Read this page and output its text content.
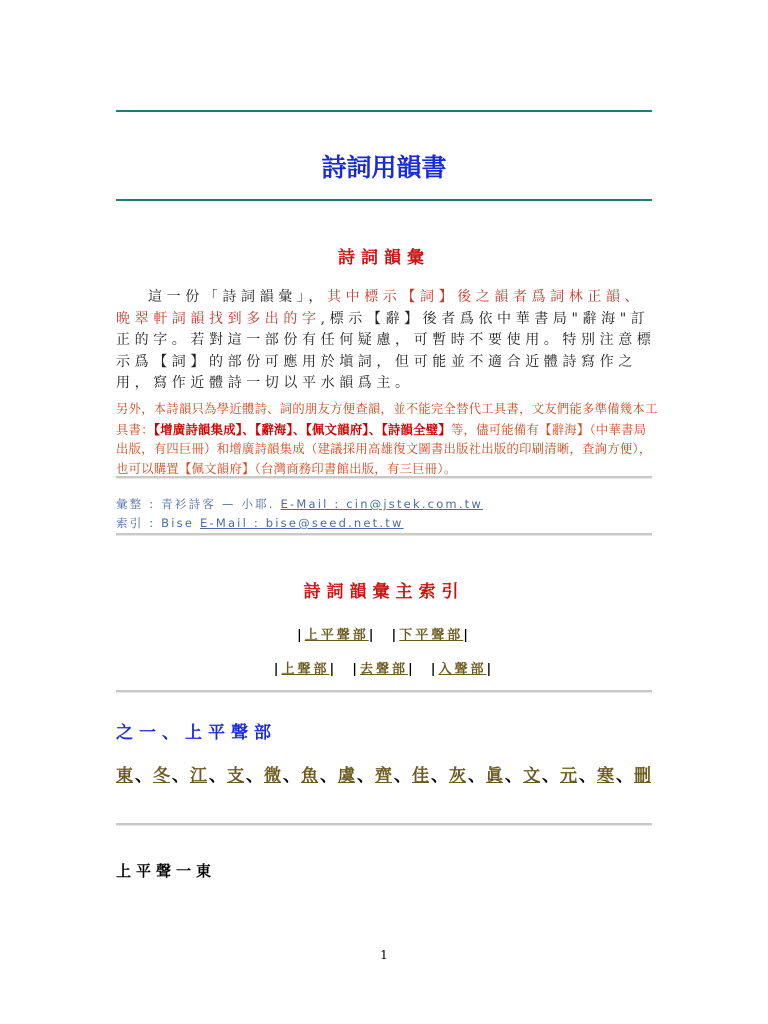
詩詞用韻書
詩詞韻彙
這一份「詩詞韻彙」，其中標示【詞】後之韻者爲詞林正韻、晩翠軒詞韻找到多出的字,標示【辭】後者爲依中華書局"辭海"訂正的字。若對這一部份有任何疑慮，可暫時不要使用。特別注意標示爲【詞】的部份可應用於塡詞，但可能並不適合近體詩寫作之用，寫作近體詩一切以平水韻爲主。
另外，本詩韻只為學近體詩、詞的朋友方便查韻，並不能完全替代工具書，文友們能多準備幾本工具書：【增廣詩韻集成】、【辭海】、【佩文韻府】、【詩韻全璧】等，儘可能備有【辭海】（中華書局出版，有四巨冊）和增廣詩韻集成（建議採用高雄復文圖書出版社出版的印刷清晰，查詢方便），也可以購置【佩文韻府】（台灣商務印書館出版，有三巨冊）。
彙整 : 青衫詩客 — 小耶. E-Mail : cin@jstek.com.tw
索引 : Bise E-Mail : bise@seed.net.tw
詩詞韻彙主索引
|上平聲部|  |下平聲部|
|上聲部|  |去聲部|  |入聲部|
之一、上平聲部
東 、冬 、江 、支 、微 、魚 、虞 、齊 、佳 、灰 、眞 、文 、元 、寒 、刪
上平聲一東
1
